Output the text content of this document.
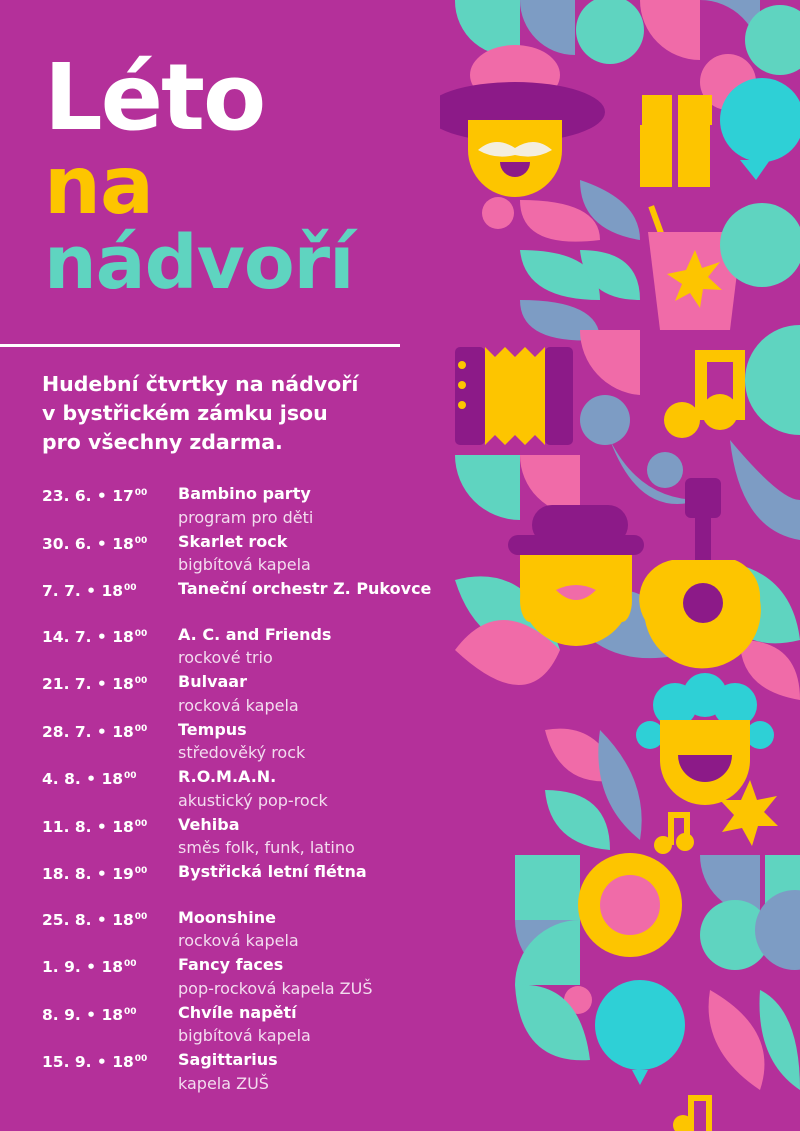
Léto
na
nádvoří
Hudební čtvrtky na nádvoří
v bystřickém zámku jsou
pro všechny zdarma.
23. 6. • $17^{00}$ Bambino party
program pro děti
30. 6. • $18^{00}$ Skarlet rock
bigbítová kapela
7. 7. • $18^{00}$	Taneční orchestr Z. Pukovce
14. 7. • $18^{00}$ A. C. and Friends
rockové trio
21. 7. • $18^{00}$ Bulvaar
rocková kapela
28. 7. • $18^{00}$ Tempus
středověký rock
4. 8. • $18^{00}$	R.O.M.A.N.
akustický pop-rock
11. 8. • $18^{00}$ Vehiba
směs folk, funk, latino
18. 8. • $19^{00}$ Bystřická letní flétna
25. 8. • $18^{00}$ Moonshine
rocková kapela
1. 9. • $18^{00}$	Fancy faces
pop-rocková kapela ZUŠ
8. 9. • $18^{00}$	Chvíle napětí
bigbítová kapela
15. 9. • $18^{00}$ Sagittarius
kapela ZUŠ
